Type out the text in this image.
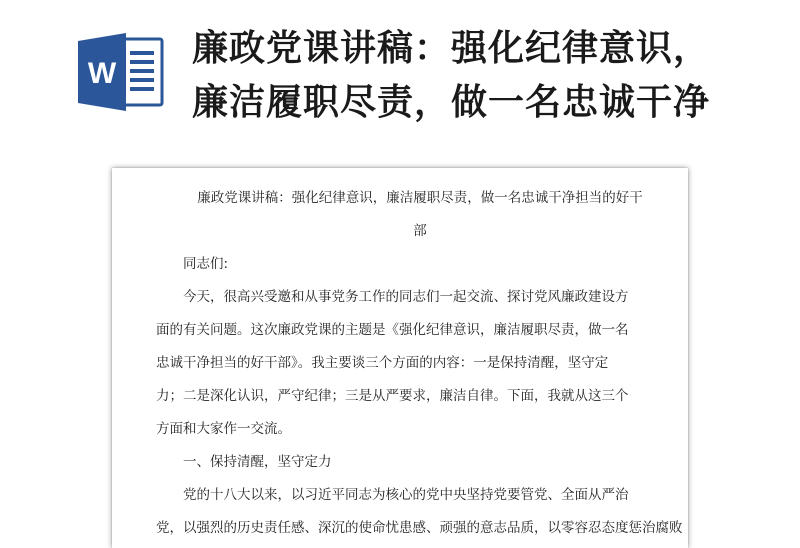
W
廉政党课讲稿：强化纪律意识，
廉洁履职尽责，做一名忠诚干净
廉政党课讲稿：强化纪律意识，廉洁履职尽责，做一名忠诚干净担当的好干
部
同志们:
今天，很高兴受邀和从事党务工作的同志们一起交流、探讨党风廉政建设方
面的有关问题。这次廉政党课的主题是《强化纪律意识，廉洁履职尽责，做一名
忠诚干净担当的好干部》。我主要谈三个方面的内容：一是保持清醒，坚守定
力；二是深化认识，严守纪律；三是从严要求，廉洁自律。下面，我就从这三个
方面和大家作一交流。
一、保持清醒，坚守定力
党的十八大以来，以习近平同志为核心的党中央坚持党要管党、全面从严治
党，以强烈的历史责任感、深沉的使命忧患感、顽强的意志品质，以零容忍态度惩治腐败
